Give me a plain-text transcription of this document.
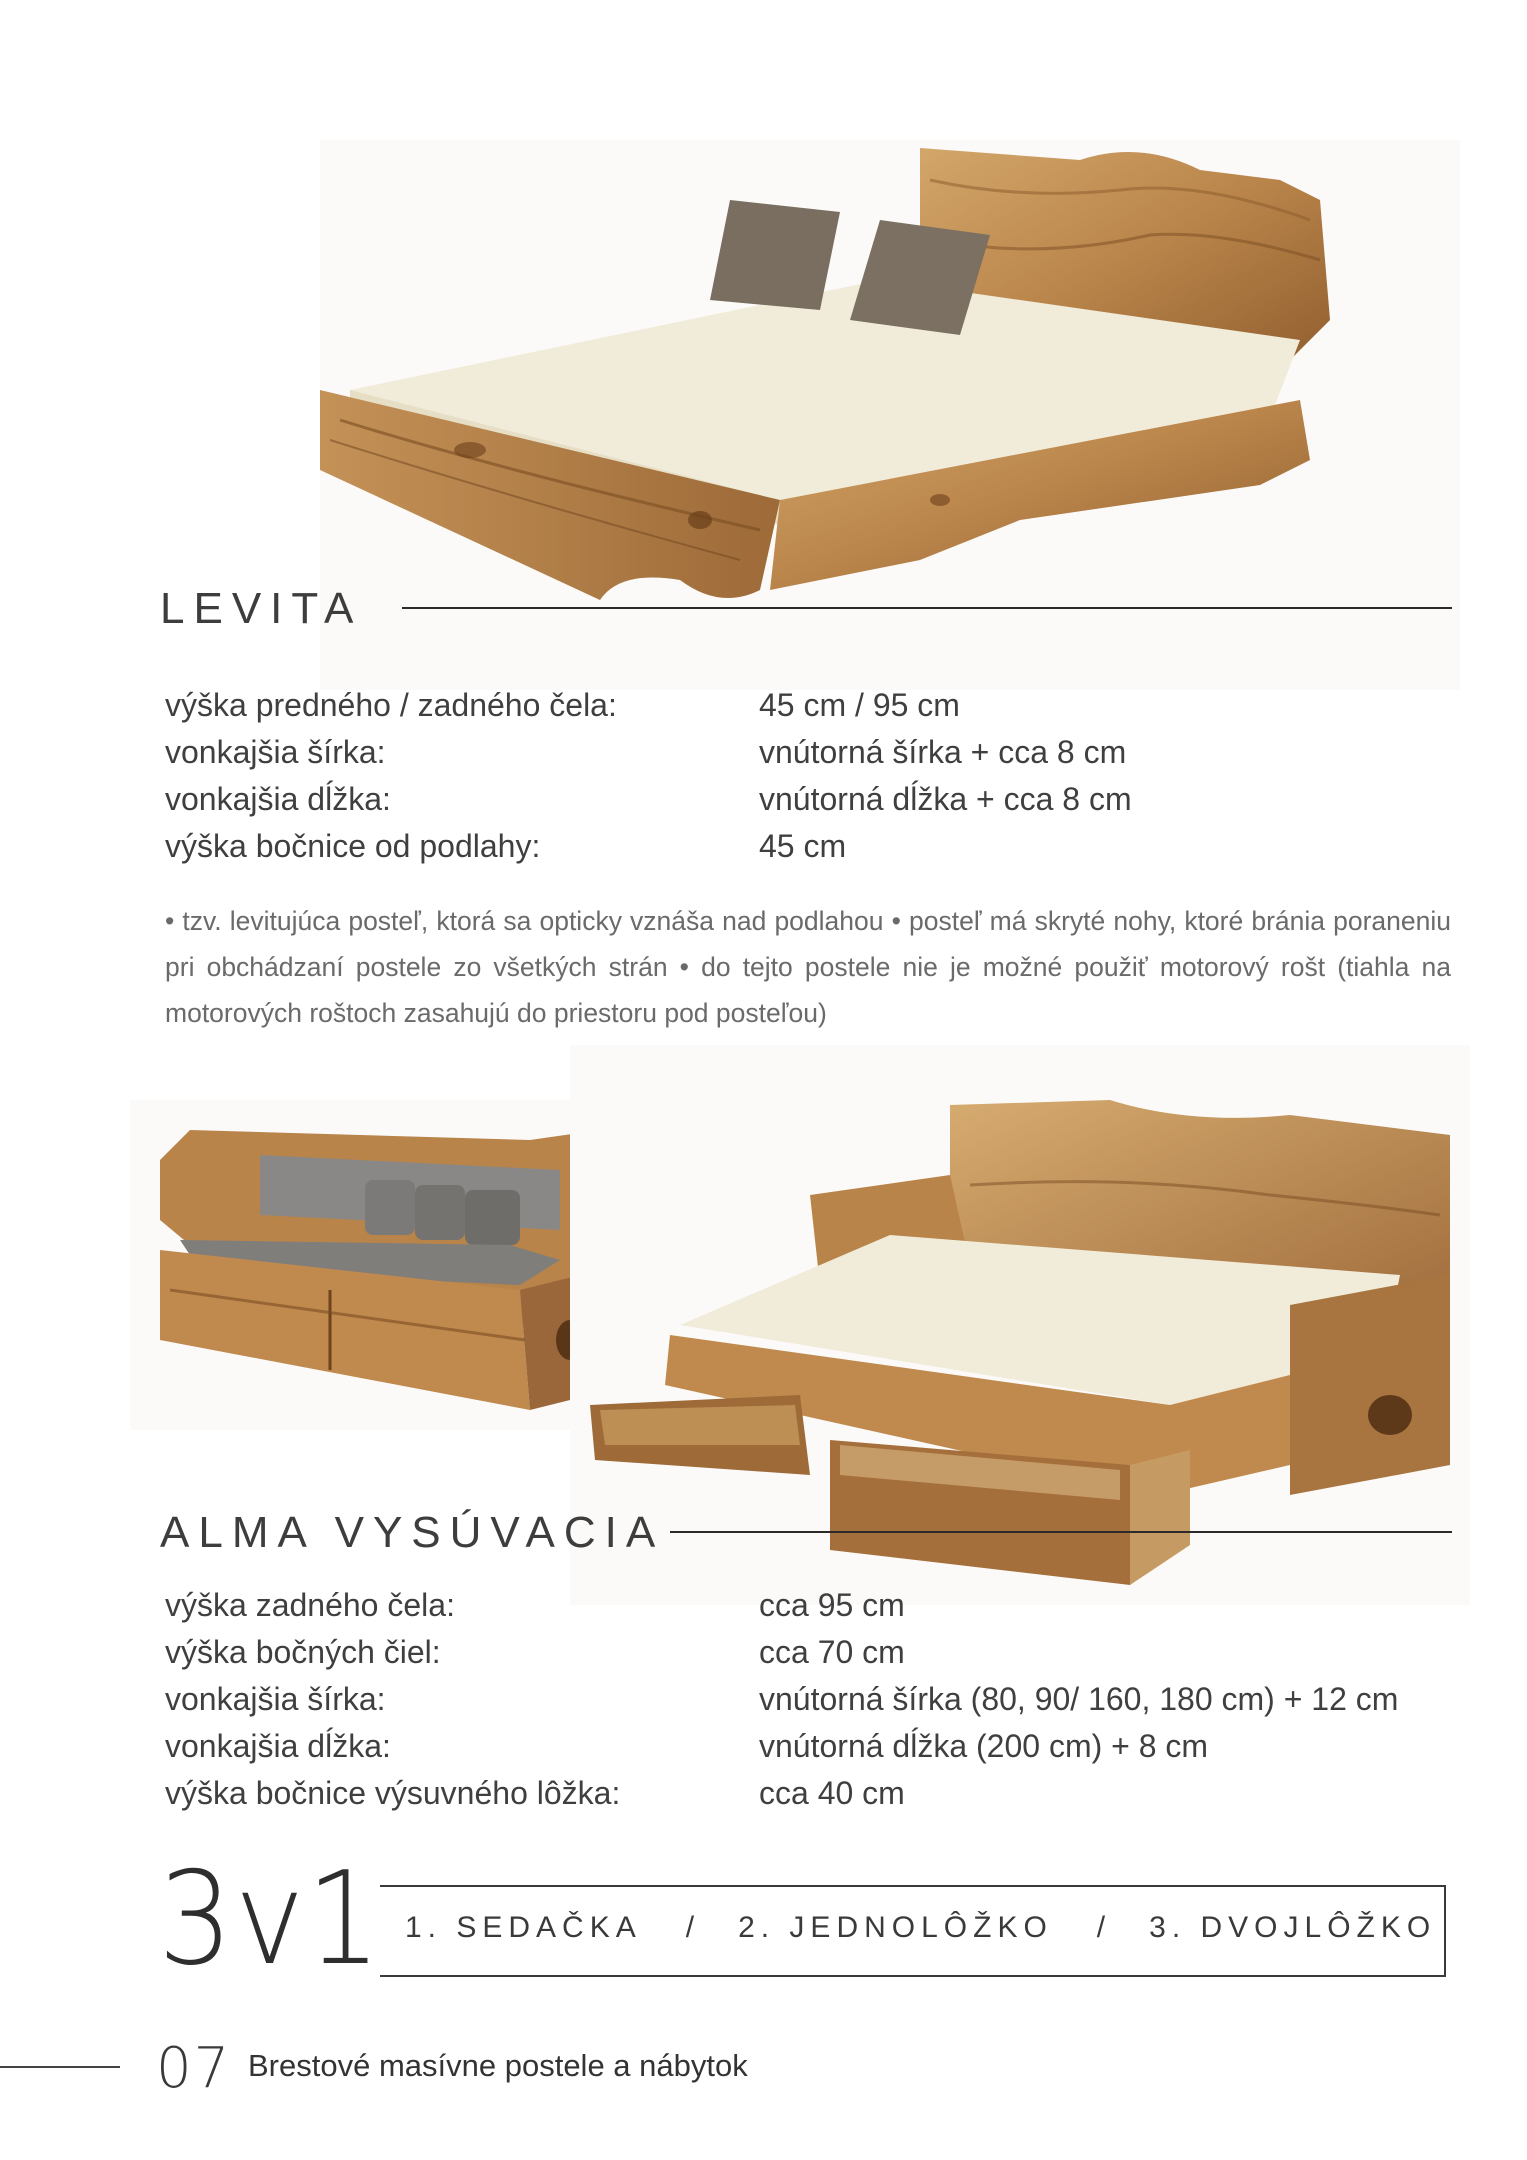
LEVITA
výška predného / zadného čela:	45 cm / 95 cm
vonkajšia šírka:	vnútorná šírka + cca 8 cm
vonkajšia dĺžka:	vnútorná dĺžka + cca 8 cm
výška bočnice od podlahy:	45 cm
• tzv. levitujúca posteľ, ktorá sa opticky vznáša nad podlahou • posteľ má skryté nohy, ktoré bránia poraneniu pri obchádzaní postele zo všetkých strán • do tejto postele nie je možné použiť motorový rošt (tiahla na motorových roštoch zasahujú do priestoru pod posteľou)
ALMA VYSÚVACIA
výška zadného čela:	cca 95 cm
výška bočných čiel:	cca 70 cm
vonkajšia šírka:	vnútorná šírka (80, 90/ 160, 180 cm) + 12 cm
vonkajšia dĺžka:	vnútorná dĺžka (200 cm) + 8 cm
výška bočnice výsuvného lôžka:	cca 40 cm
3v1 1. SEDAČKA / 2. JEDNOLÔŽKO / 3. DVOJLÔŽKO
07 Brestové masívne postele a nábytok
